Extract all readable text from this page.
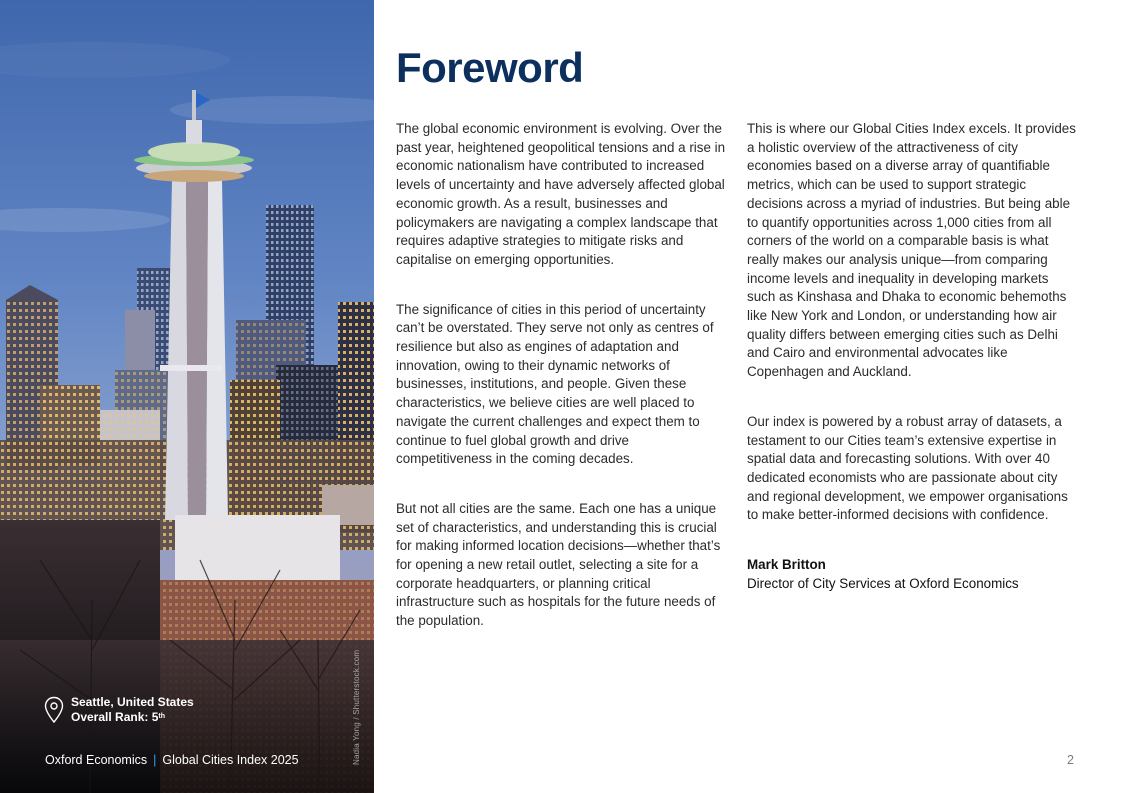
Seattle, United States
Overall Rank: 5th	Nadia Yong / Shutterstock.com
Oxford Economics | Global Cities Index 2025
Foreword

The global economic environment is evolving. Over the past year, heightened geopolitical tensions and a rise in economic nationalism have contributed to increased levels of uncertainty and have adversely affected global economic growth. As a result, businesses and policymakers are navigating a complex landscape that requires adaptive strategies to mitigate risks and capitalise on emerging opportunities.

The significance of cities in this period of uncertainty can’t be overstated. They serve not only as centres of resilience but also as engines of adaptation and innovation, owing to their dynamic networks of businesses, institutions, and people. Given these characteristics, we believe cities are well placed to navigate the current challenges and expect them to continue to fuel global growth and drive competitiveness in the coming decades.

But not all cities are the same. Each one has a unique set of characteristics, and understanding this is crucial for making informed location decisions—whether that’s for opening a new retail outlet, selecting a site for a corporate headquarters, or planning critical infrastructure such as hospitals for the future needs of the population.

This is where our Global Cities Index excels. It provides a holistic overview of the attractiveness of city economies based on a diverse array of quantifiable metrics, which can be used to support strategic decisions across a myriad of industries. But being able to quantify opportunities across 1,000 cities from all corners of the world on a comparable basis is what really makes our analysis unique—from comparing income levels and inequality in developing markets such as Kinshasa and Dhaka to economic behemoths like New York and London, or understanding how air quality differs between emerging cities such as Delhi and Cairo and environmental advocates like Copenhagen and Auckland.

Our index is powered by a robust array of datasets, a testament to our Cities team’s extensive expertise in spatial data and forecasting solutions. With over 40 dedicated economists who are passionate about city and regional development, we empower organisations to make better-informed decisions with confidence.

Mark Britton
Director of City Services at Oxford Economics
2
